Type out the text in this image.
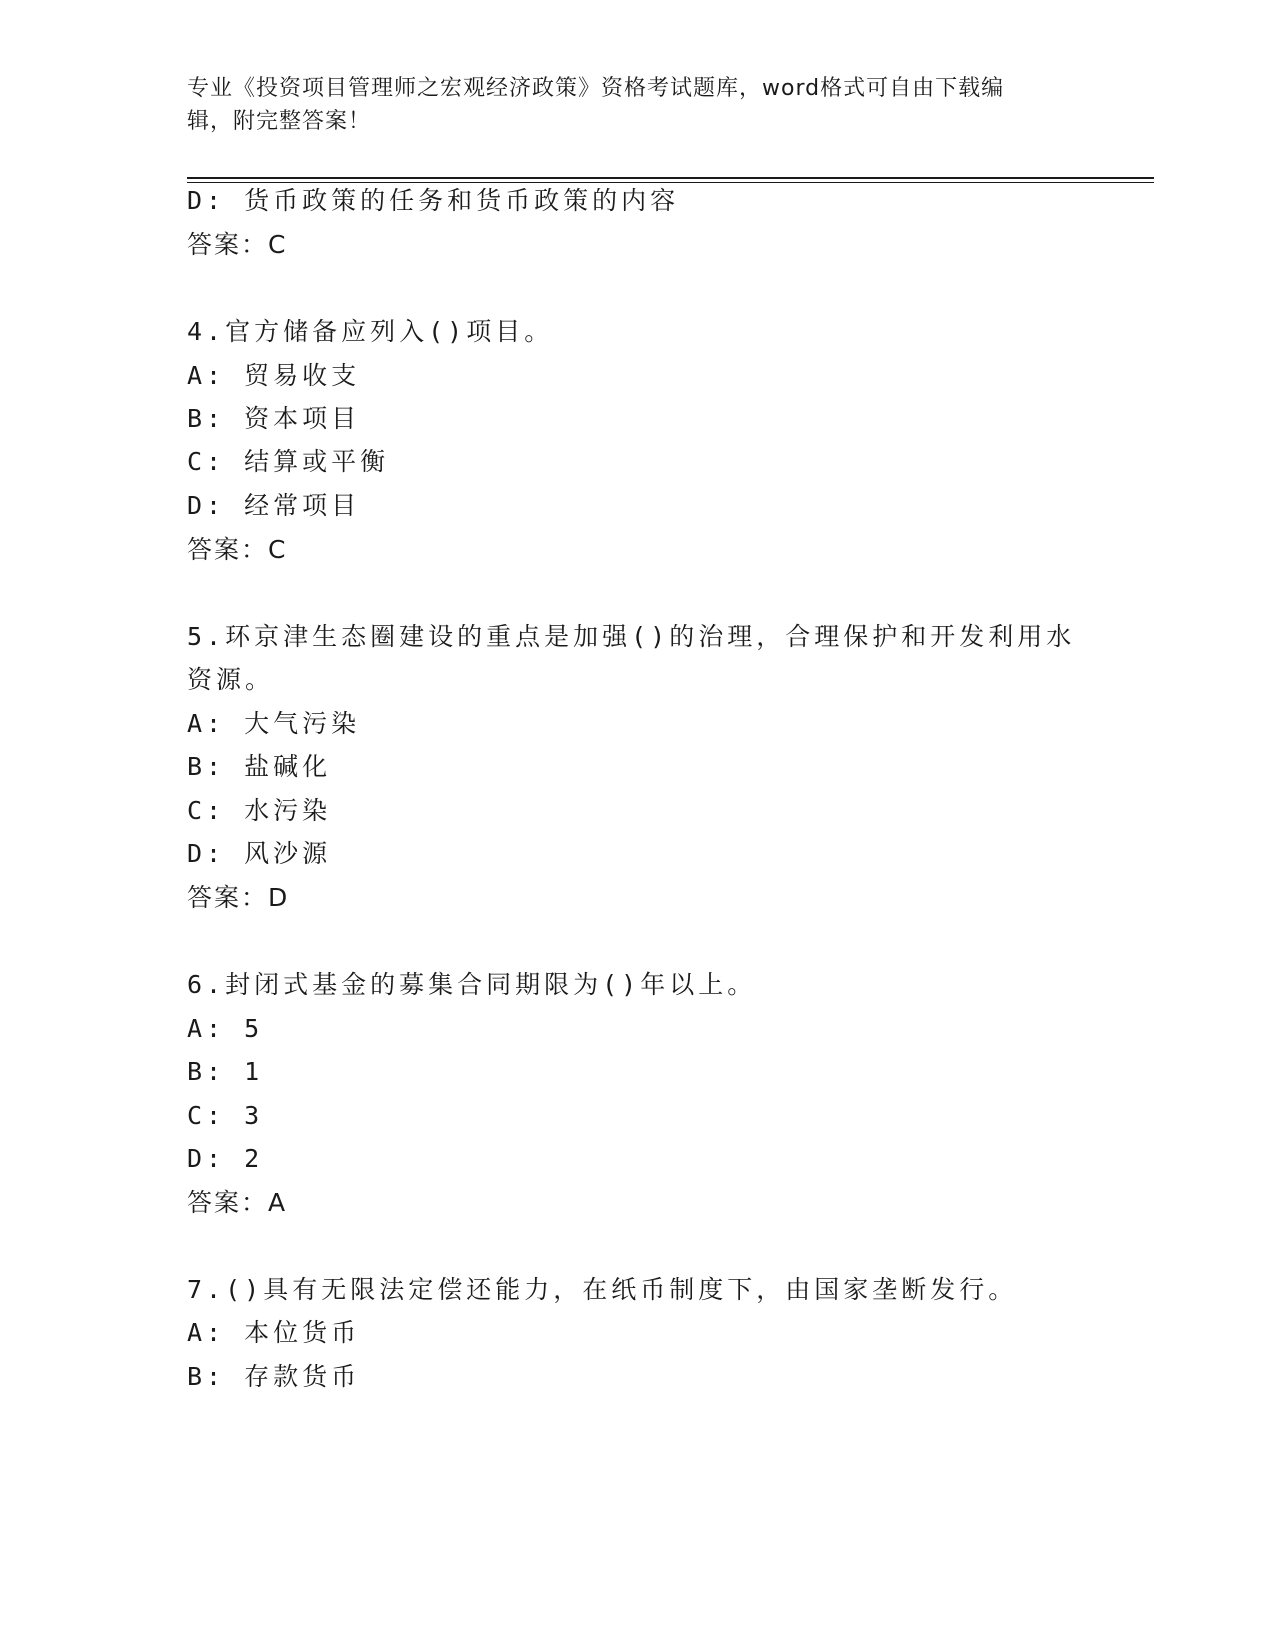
专业《投资项目管理师之宏观经济政策》资格考试题库，word格式可自由下载编
辑，附完整答案！
D: 货币政策的任务和货币政策的内容
答案：C
4.官方储备应列入()项目。
A: 贸易收支
B: 资本项目
C: 结算或平衡
D: 经常项目
答案：C
5.环京津生态圈建设的重点是加强()的治理，合理保护和开发利用水
资源。
A: 大气污染
B: 盐碱化
C: 水污染
D: 风沙源
答案：D
6.封闭式基金的募集合同期限为()年以上。
A: 5
B: 1
C: 3
D: 2
答案：A
7.()具有无限法定偿还能力，在纸币制度下，由国家垄断发行。
A: 本位货币
B: 存款货币
